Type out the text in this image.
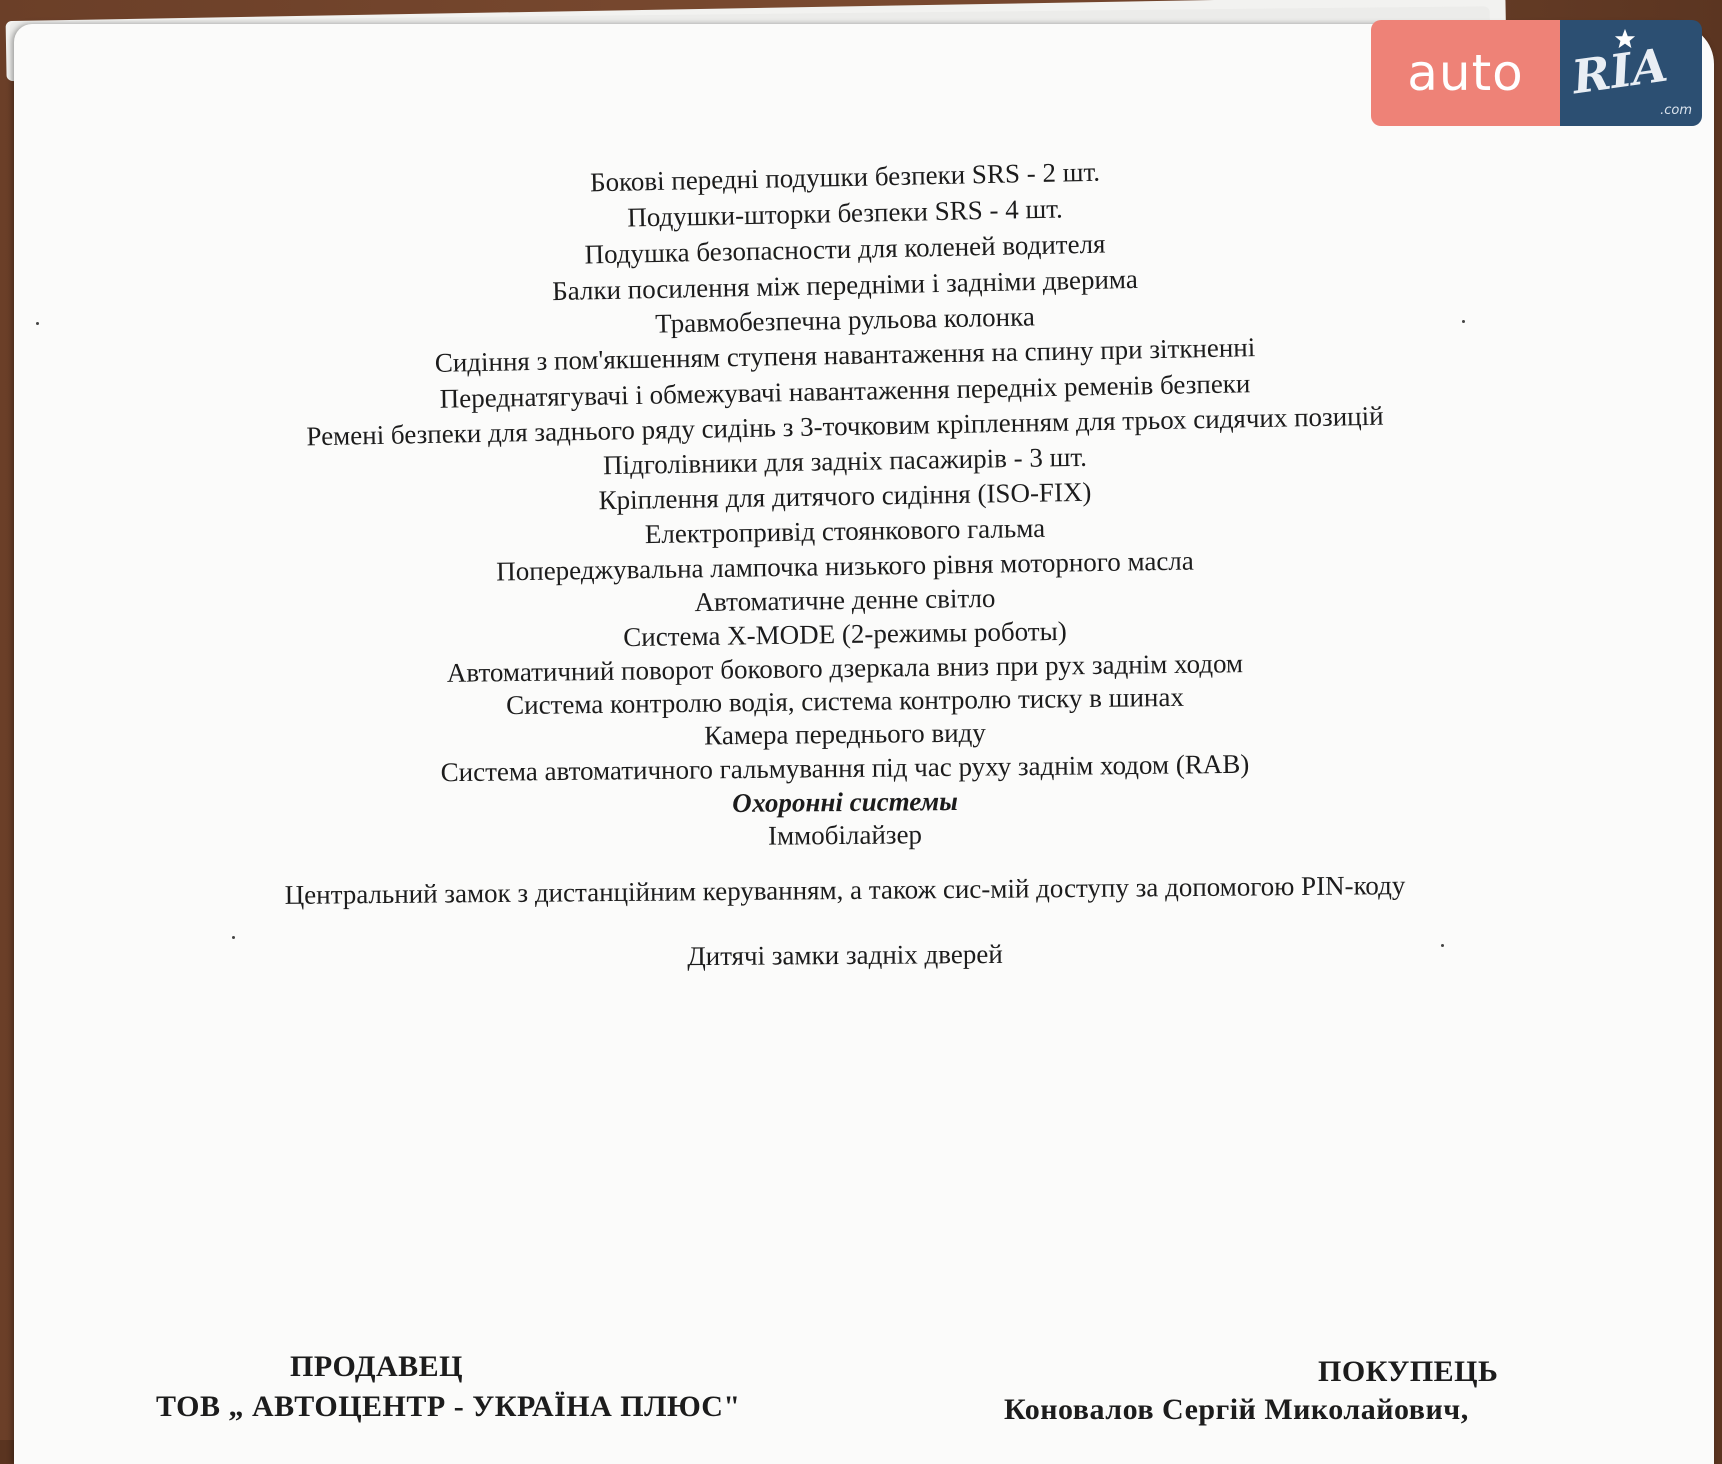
auto RIA
.com
Бокові передні подушки безпеки SRS - 2 шт.
Подушки-шторки безпеки SRS - 4 шт.
Подушка безопасности для коленей водителя
Балки посилення між передніми і задніми дверима
Травмобезпечна рульова колонка
Сидіння з пом'якшенням ступеня навантаження на спину при зіткненні
Переднатягувачі і обмежувачі навантаження передніх ременів безпеки
Ремені безпеки для заднього ряду сидінь з 3-точковим кріпленням для трьох сидячих позицій
Підголівники для задніх пасажирів - 3 шт.
Кріплення для дитячого сидіння (ISO-FIX)
Електропривід стоянкового гальма
Попереджувальна лампочка низького рівня моторного масла
Автоматичне денне світло
Система X-MODE (2-режимы роботы)
Автоматичний поворот бокового дзеркала вниз при рух заднім ходом
Система контролю водія, система контролю тиску в шинах
Камера переднього виду
Система автоматичного гальмування під час руху заднім ходом (RAB)
Охоронні системы
Іммобілайзер
Центральний замок з дистанційним керуванням, а також сис-мій доступу за допомогою PIN-коду
Дитячі замки задніх дверей
ПРОДАВЕЦ
ТОВ „ АВТОЦЕНТР - УКРАЇНА ПЛЮС"
ПОКУПЕЦЬ
Коновалов Сергій Миколайович,
